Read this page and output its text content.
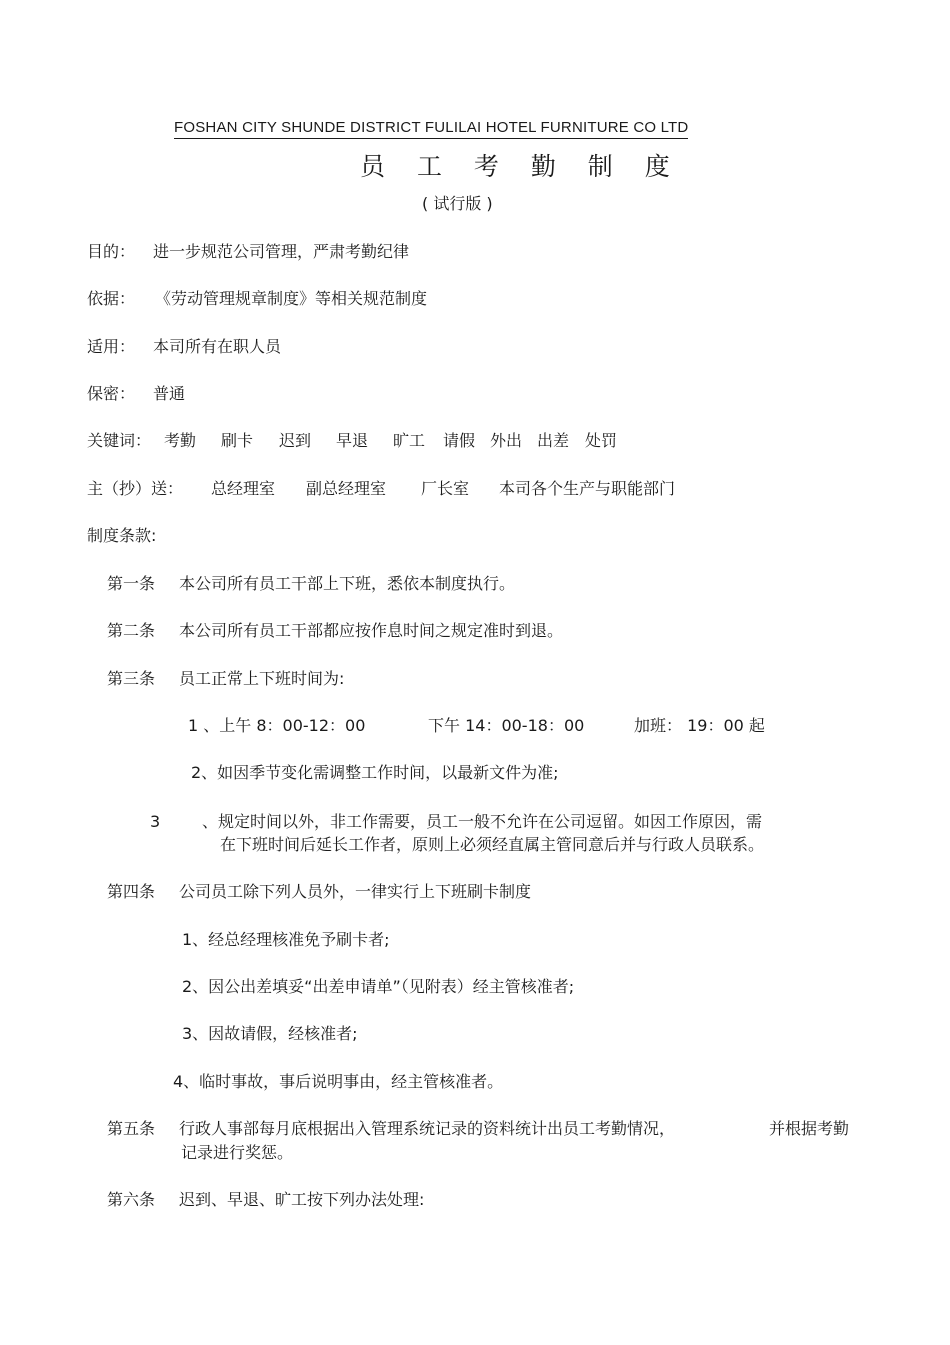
FOSHAN CITY SHUNDE DISTRICT FULILAI HOTEL FURNITURE CO LTD
员 工 考 勤 制 度
( 试行版 )
目的： 进一步规范公司管理，严肃考勤纪律
依据： 《劳动管理规章制度》等相关规范制度
适用： 本司所有在职人员
保密： 普通
关键词： 考勤 刷卡 迟到 早退 旷工 请假 外出 出差 处罚
主（抄）送： 总经理室 副总经理室 厂长室 本司各个生产与职能部门
制度条款:
第一条 本公司所有员工干部上下班，悉依本制度执行。
第二条 本公司所有员工干部都应按作息时间之规定准时到退。
第三条 员工正常上下班时间为:
1 、上午 8：00-12：00	下午 14：00-18：00	加班： 19：00 起
2、如因季节变化需调整工作时间，以最新文件为准;
3	、规定时间以外，非工作需要，员工一般不允许在公司逗留。如因工作原因，需
在下班时间后延长工作者，原则上必须经直属主管同意后并与行政人员联系。
第四条 公司员工除下列人员外，一律实行上下班刷卡制度
1、经总经理核准免予刷卡者;
2、因公出差填妥“出差申请单”（见附表）经主管核准者;
3、因故请假，经核准者;
4、临时事故，事后说明事由，经主管核准者。
第五条 行政人事部每月底根据出入管理系统记录的资料统计出员工考勤情况，	并根据考勤
记录进行奖惩。
第六条 迟到、早退、旷工按下列办法处理:
